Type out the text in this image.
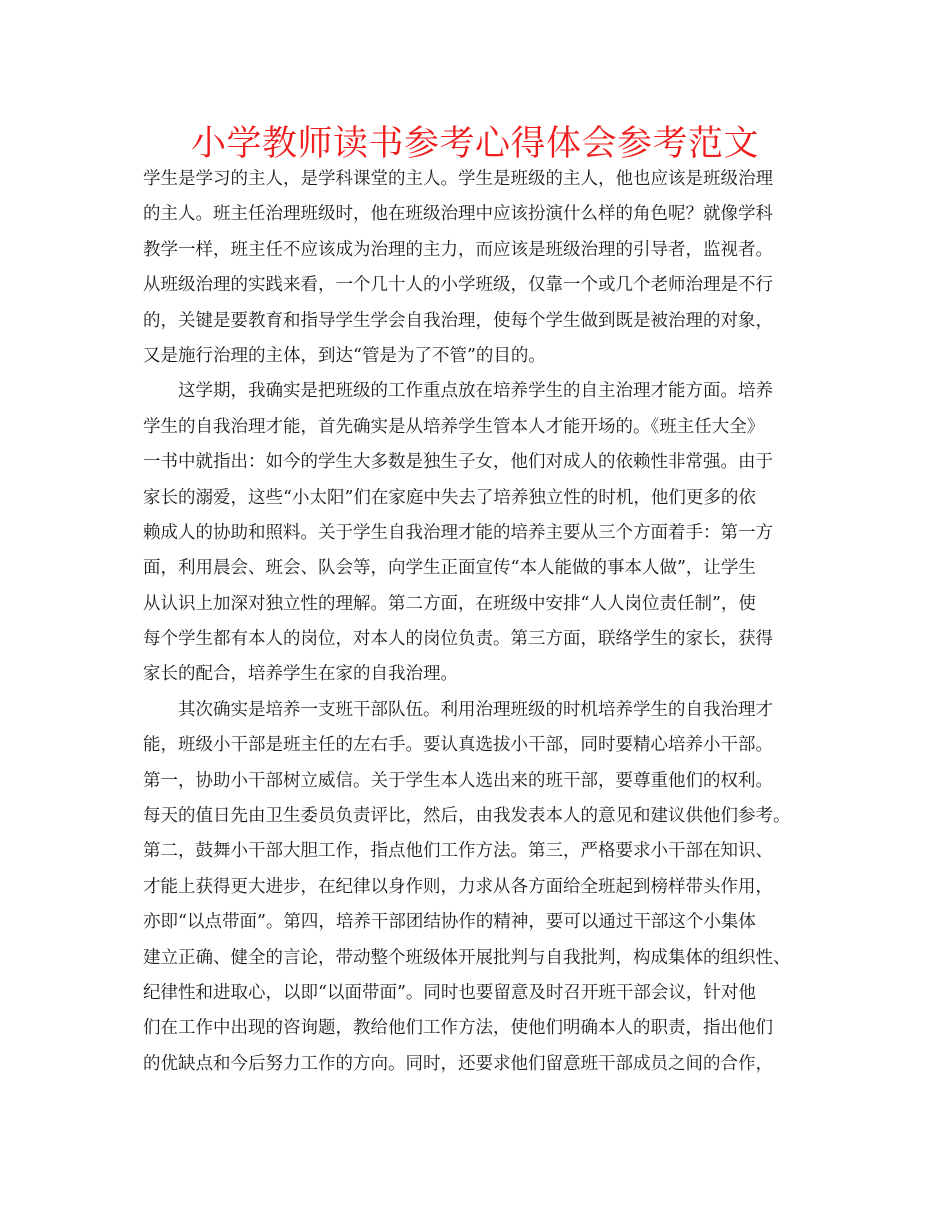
小学教师读书参考心得体会参考范文
学生是学习的主人，是学科课堂的主人。学生是班级的主人，他也应该是班级治理
的主人。班主任治理班级时，他在班级治理中应该扮演什么样的角色呢？就像学科
教学一样，班主任不应该成为治理的主力，而应该是班级治理的引导者，监视者。
从班级治理的实践来看，一个几十人的小学班级，仅靠一个或几个老师治理是不行
的，关键是要教育和指导学生学会自我治理，使每个学生做到既是被治理的对象，
又是施行治理的主体，到达“管是为了不管”的目的。
　　这学期，我确实是把班级的工作重点放在培养学生的自主治理才能方面。培养
学生的自我治理才能，首先确实是从培养学生管本人才能开场的。《班主任大全》
一书中就指出：如今的学生大多数是独生子女，他们对成人的依赖性非常强。由于
家长的溺爱，这些“小太阳”们在家庭中失去了培养独立性的时机，他们更多的依
赖成人的协助和照料。关于学生自我治理才能的培养主要从三个方面着手：第一方
面，利用晨会、班会、队会等，向学生正面宣传“本人能做的事本人做”，让学生
从认识上加深对独立性的理解。第二方面，在班级中安排“人人岗位责任制”，使
每个学生都有本人的岗位，对本人的岗位负责。第三方面，联络学生的家长，获得
家长的配合，培养学生在家的自我治理。
　　其次确实是培养一支班干部队伍。利用治理班级的时机培养学生的自我治理才
能，班级小干部是班主任的左右手。要认真选拔小干部，同时要精心培养小干部。
第一，协助小干部树立威信。关于学生本人选出来的班干部，要尊重他们的权利。
每天的值日先由卫生委员负责评比，然后，由我发表本人的意见和建议供他们参考。
第二，鼓舞小干部大胆工作，指点他们工作方法。第三，严格要求小干部在知识、
才能上获得更大进步，在纪律以身作则，力求从各方面给全班起到榜样带头作用，
亦即“以点带面”。第四，培养干部团结协作的精神，要可以通过干部这个小集体
建立正确、健全的言论，带动整个班级体开展批判与自我批判，构成集体的组织性、
纪律性和进取心，以即“以面带面”。同时也要留意及时召开班干部会议，针对他
们在工作中出现的咨询题，教给他们工作方法，使他们明确本人的职责，指出他们
的优缺点和今后努力工作的方向。同时，还要求他们留意班干部成员之间的合作，
